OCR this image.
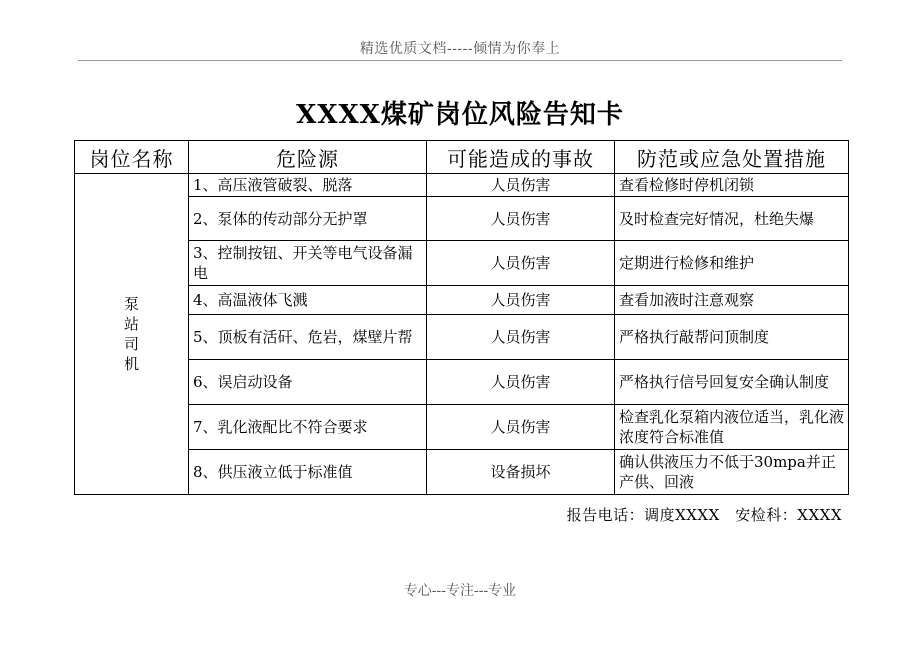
精选优质文档-----倾情为你奉上
XXXX煤矿岗位风险告知卡
岗位名称	危险源	可能造成的事故	防范或应急处置措施
泵
站
司
机	1、高压液管破裂、脱落	人员伤害	查看检修时停机闭锁
	2、泵体的传动部分无护罩	人员伤害	及时检查完好情况，杜绝失爆
	3、控制按钮、开关等电气设备漏电	人员伤害	定期进行检修和维护
	4、高温液体飞溅	人员伤害	查看加液时注意观察
	5、顶板有活矸、危岩，煤壁片帮	人员伤害	严格执行敲帮问顶制度
	6、误启动设备	人员伤害	严格执行信号回复安全确认制度
	7、乳化液配比不符合要求	人员伤害	检查乳化泵箱内液位适当，乳化液浓度符合标准值
	8、供压液立低于标准值	设备损坏	确认供液压力不低于30mpa并正产供、回液
报告电话：调度XXXX　安检科：XXXX
专心---专注---专业
